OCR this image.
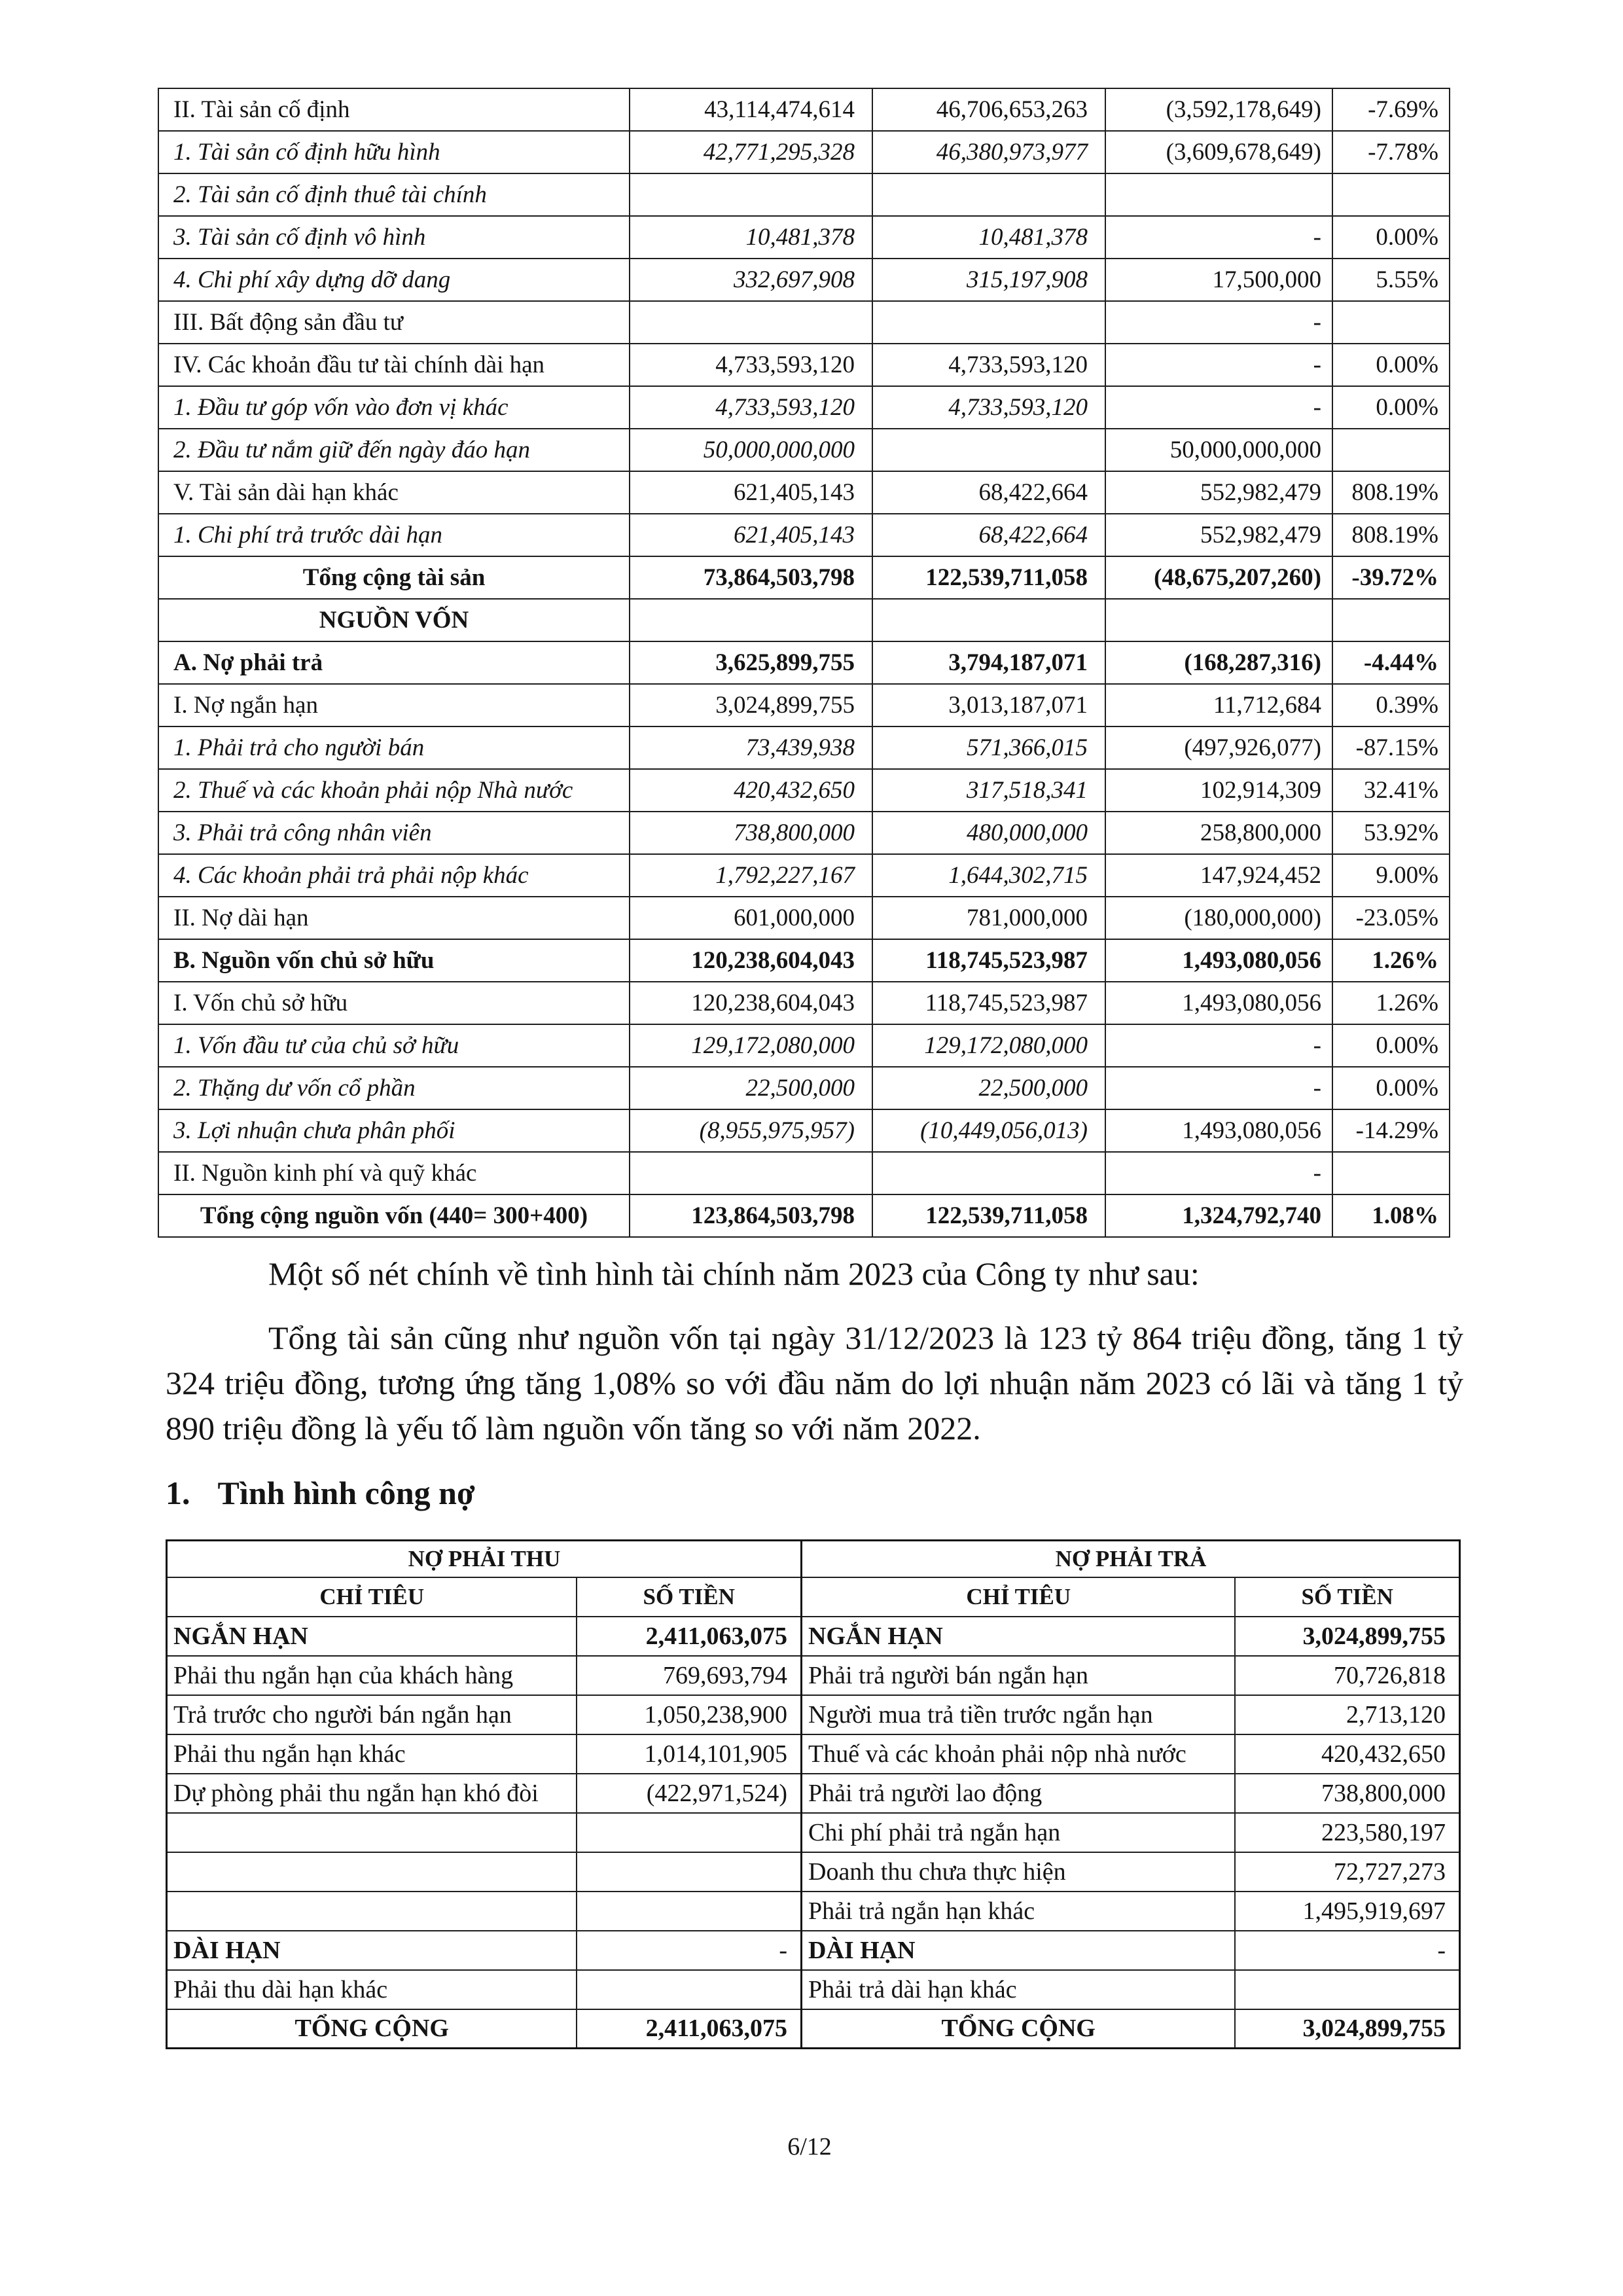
II. Tài sản cố định	43,114,474,614	46,706,653,263	(3,592,178,649)	-7.69%
1. Tài sản cố định hữu hình	42,771,295,328	46,380,973,977	(3,609,678,649)	-7.78%
2. Tài sản cố định thuê tài chính				
3. Tài sản cố định vô hình	10,481,378	10,481,378	-	0.00%
4. Chi phí xây dựng dỡ dang	332,697,908	315,197,908	17,500,000	5.55%
III. Bất động sản đầu tư			-	
IV. Các khoản đầu tư tài chính dài hạn	4,733,593,120	4,733,593,120	-	0.00%
1. Đầu tư góp vốn vào đơn vị khác	4,733,593,120	4,733,593,120	-	0.00%
2. Đầu tư nắm giữ đến ngày đáo hạn	50,000,000,000		50,000,000,000	
V. Tài sản dài hạn khác	621,405,143	68,422,664	552,982,479	808.19%
1. Chi phí trả trước dài hạn	621,405,143	68,422,664	552,982,479	808.19%
Tổng cộng tài sản	73,864,503,798	122,539,711,058	(48,675,207,260)	-39.72%
NGUỒN VỐN				
A. Nợ phải trả	3,625,899,755	3,794,187,071	(168,287,316)	-4.44%
I. Nợ ngắn hạn	3,024,899,755	3,013,187,071	11,712,684	0.39%
1. Phải trả cho người bán	73,439,938	571,366,015	(497,926,077)	-87.15%
2. Thuế và các khoản phải nộp Nhà nước	420,432,650	317,518,341	102,914,309	32.41%
3. Phải trả công nhân viên	738,800,000	480,000,000	258,800,000	53.92%
4. Các khoản phải trả phải nộp khác	1,792,227,167	1,644,302,715	147,924,452	9.00%
II. Nợ dài hạn	601,000,000	781,000,000	(180,000,000)	-23.05%
B. Nguồn vốn chủ sở hữu	120,238,604,043	118,745,523,987	1,493,080,056	1.26%
I. Vốn chủ sở hữu	120,238,604,043	118,745,523,987	1,493,080,056	1.26%
1. Vốn đầu tư của chủ sở hữu	129,172,080,000	129,172,080,000	-	0.00%
2. Thặng dư vốn cổ phần	22,500,000	22,500,000	-	0.00%
3. Lợi nhuận chưa phân phối	(8,955,975,957)	(10,449,056,013)	1,493,080,056	-14.29%
II. Nguồn kinh phí và quỹ khác			-	
Tổng cộng nguồn vốn (440= 300+400)	123,864,503,798	122,539,711,058	1,324,792,740	1.08%

Một số nét chính về tình hình tài chính năm 2023 của Công ty như sau:

Tổng tài sản cũng như nguồn vốn tại ngày 31/12/2023 là 123 tỷ 864 triệu đồng, tăng 1 tỷ 324 triệu đồng, tương ứng tăng 1,08% so với đầu năm do lợi nhuận năm 2023 có lãi và tăng 1 tỷ 890 triệu đồng là yếu tố làm nguồn vốn tăng so với năm 2022.

1. Tình hình công nợ
NỢ PHẢI THU		NỢ PHẢI TRẢ	
CHỈ TIÊU	SỐ TIỀN	CHỈ TIÊU	SỐ TIỀN
NGẮN HẠN	2,411,063,075	NGẮN HẠN	3,024,899,755
Phải thu ngắn hạn của khách hàng	769,693,794	Phải trả người bán ngắn hạn	70,726,818
Trả trước cho người bán ngắn hạn	1,050,238,900	Người mua trả tiền trước ngắn hạn	2,713,120
Phải thu ngắn hạn khác	1,014,101,905	Thuế và các khoản phải nộp nhà nước	420,432,650
Dự phòng phải thu ngắn hạn khó đòi	(422,971,524)	Phải trả người lao động	738,800,000
		Chi phí phải trả ngắn hạn	223,580,197
		Doanh thu chưa thực hiện	72,727,273
		Phải trả ngắn hạn khác	1,495,919,697
DÀI HẠN	-	DÀI HẠN	-
Phải thu dài hạn khác		Phải trả dài hạn khác	
TỔNG CỘNG	2,411,063,075	TỔNG CỘNG	3,024,899,755
6/12
